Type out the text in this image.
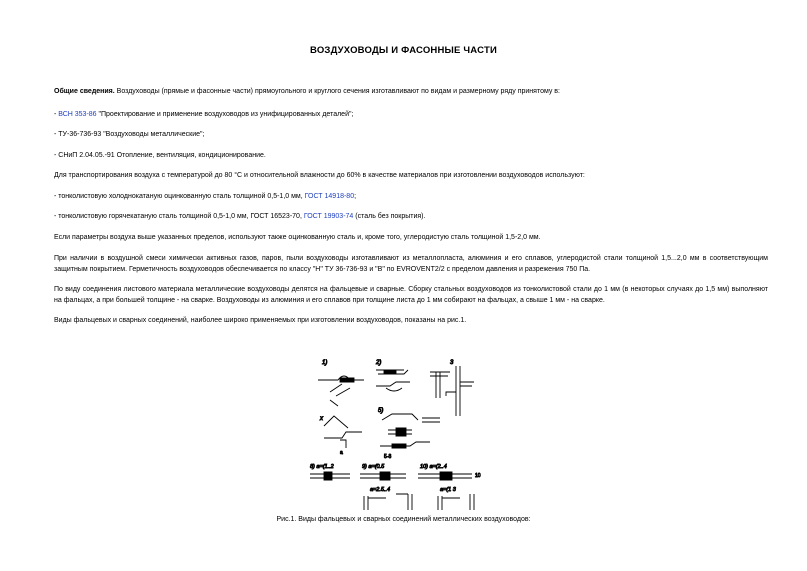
ВОЗДУХОВОДЫ И ФАСОННЫЕ ЧАСТИ
Общие сведения. Воздуховоды (прямые и фасонные части) прямоугольного и круглого сечения изготавливают по видам и размерному ряду принятому в:
- ВСН 353-86 "Проектирование и применение воздуховодов из унифицированных деталей";
- ТУ-36-736-93 "Воздуховоды металлические";
- СНиП 2.04.05.-91 Отопление, вентиляция, кондиционирование.
Для транспортирования воздуха с температурой до 80 °С и относительной влажности до 60% в качестве материалов при изготовлении воздуховодов используют:
- тонколистовую холоднокатаную оцинкованную сталь толщиной 0,5-1,0 мм, ГОСТ 14918-80;
- тонколистовую горячекатаную сталь толщиной 0,5-1,0 мм, ГОСТ 16523-70, ГОСТ 19903-74 (сталь без покрытия).
Если параметры воздуха выше указанных пределов, используют также оцинкованную сталь и, кроме того, углеродистую сталь толщиной 1,5-2,0 мм.
При наличии в воздушной смеси химически активных газов, паров, пыли воздуховоды изготавливают из металлопласта, алюминия и его сплавов, углеродистой стали толщиной 1,5...2,0 мм в соответствующим защитным покрытием. Герметичность воздуховодов обеспечивается по классу "Н" ТУ 36-736-93 и "В" по EVROVENT2/2 с пределом давления и разрежения 750 Па.
По виду соединения листового материала металлические воздуховоды делятся на фальцевые и сварные. Сборку стальных воздуховодов из тонколистовой стали до 1 мм (в некоторых случаях до 1,5 мм) выполняют на фальцах, а при большей толщине - на сварке. Воздуховоды из алюминия и его сплавов при толщине листа до 1 мм собирают на фальцах, а свыше 1 мм - на сварке.
Виды фальцевых и сварных соединений, наиболее широко применяемых при изготовлении воздуховодов, показаны на рис.1.
1)	2)	3
x
a
5)
5-8
8) a=(1..2	9) a=(0.5	10) a=(2..4
10
a=2.5..4	a=(1 3
Рис.1. Виды фальцевых и сварных соединений металлических воздуховодов:
